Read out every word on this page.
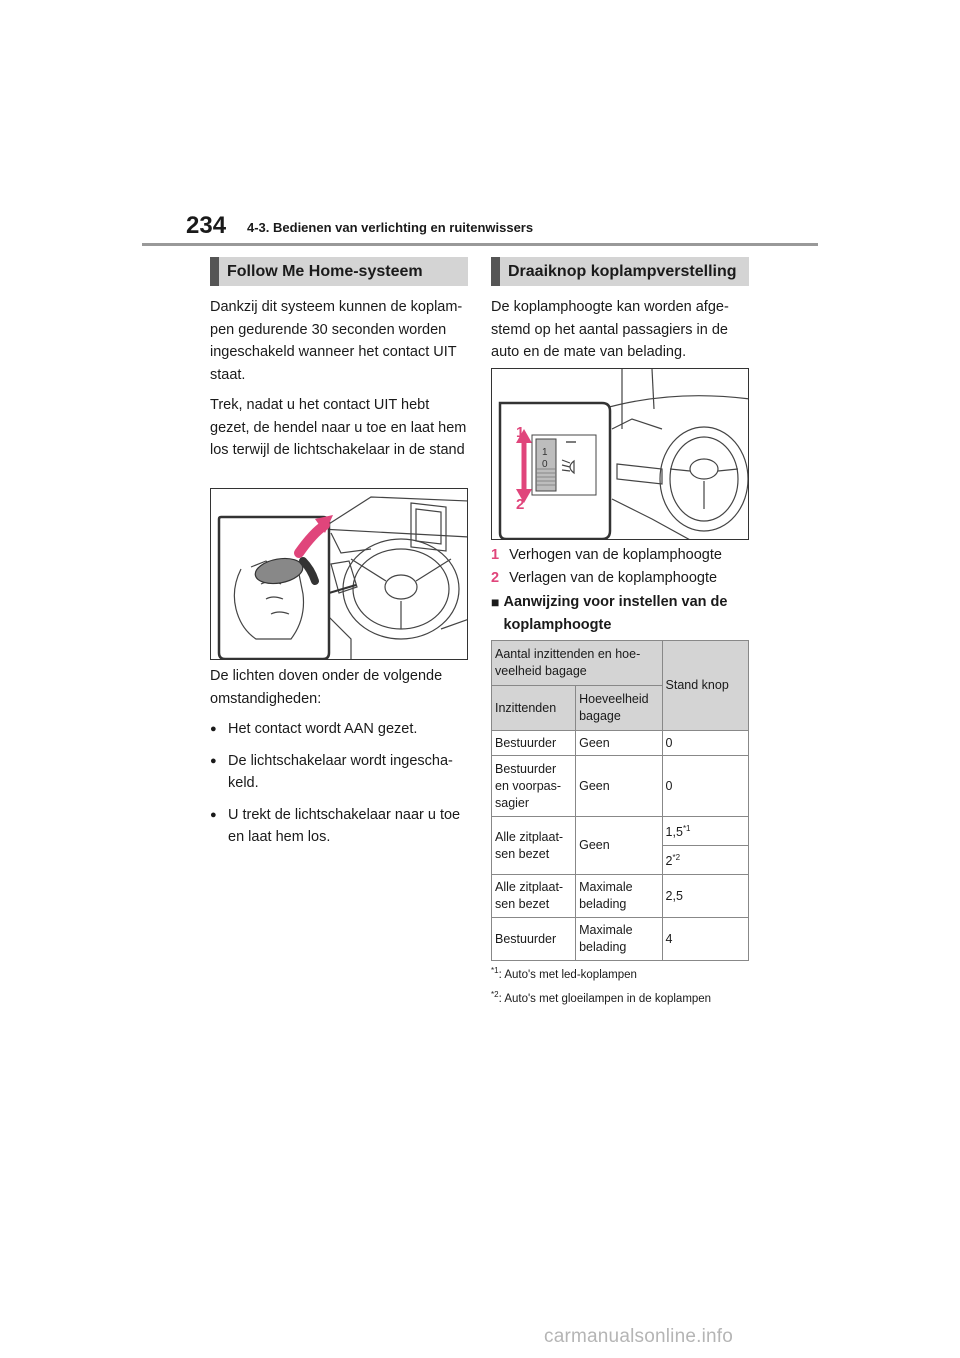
234 4-3. Bedienen van verlichting en ruitenwissers
Follow Me Home-systeem

Dankzij dit systeem kunnen de koplam-pen gedurende 30 seconden worden ingeschakeld wanneer het contact UIT staat.

Trek, nadat u het contact UIT hebt gezet, de hendel naar u toe en laat hem los terwijl de lichtschakelaar in de stand

De lichten doven onder de volgende omstandigheden:

● Het contact wordt AAN gezet.
● De lichtschakelaar wordt ingescha-keld.
● U trekt de lichtschakelaar naar u toe en laat hem los.
Draaiknop koplampverstelling
De koplamphoogte kan worden afge-stemd op het aantal passagiers in de auto en de mate van belading.
1
0
1
2
1 Verhogen van de koplamphoogte
2 Verlagen van de koplamphoogte
■ Aanwijzing voor instellen van de koplamphoogte
Aantal inzittenden en hoe-veelheid bagage		Stand knop
Inzittenden	Hoeveelheid bagage	
Bestuurder	Geen	0
Bestuurder en voorpas-sagier	Geen	0
Alle zitplaat-sen bezet	Geen	1,5$^{*1}$
		2$^{*2}$
Alle zitplaat-sen bezet	Maximale belading	2,5
Bestuurder	Maximale belading	4
$^{*1}$: Auto's met led-koplampen
$^{*2}$: Auto's met gloeilampen in de koplampen
carmanualsonline.info
